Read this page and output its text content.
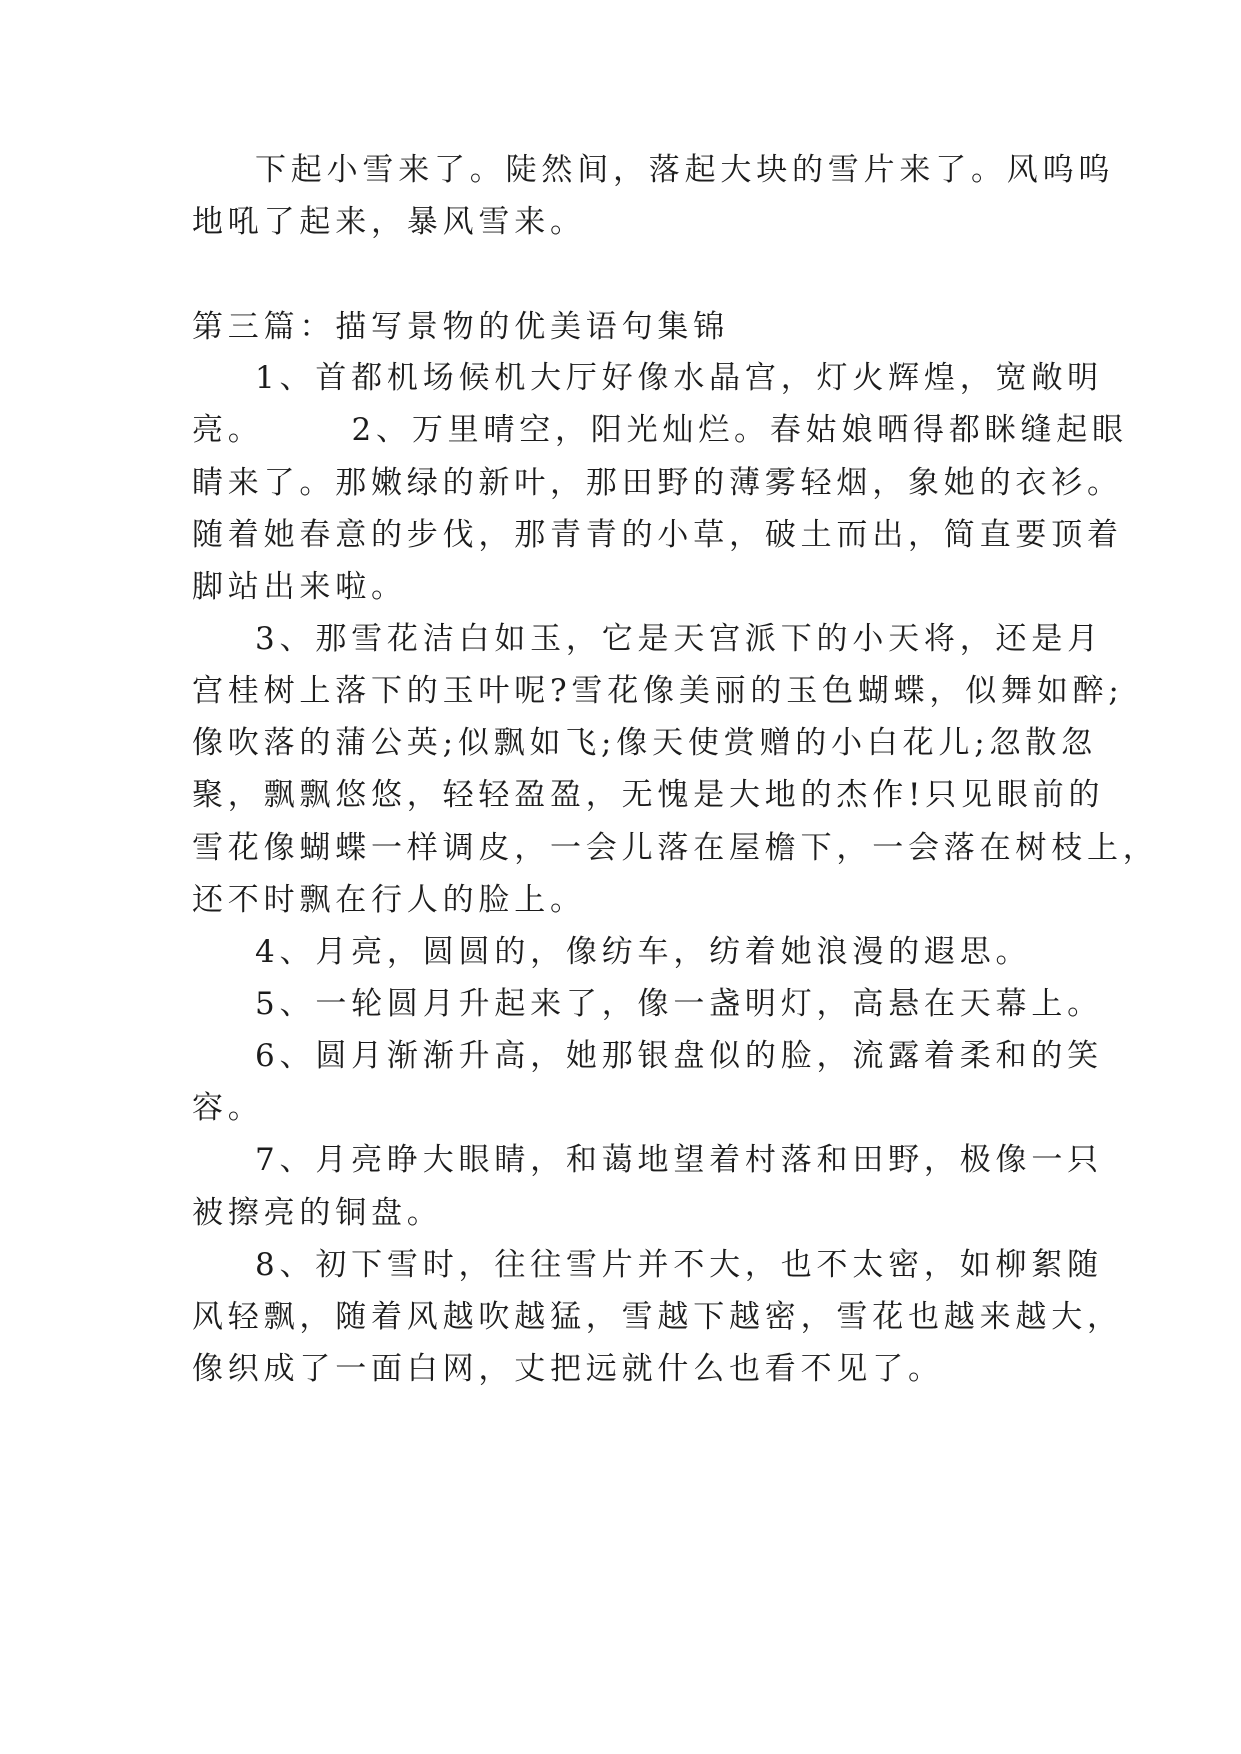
下起小雪来了。陡然间，落起大块的雪片来了。风呜呜
地吼了起来，暴风雪来。
第三篇：描写景物的优美语句集锦
1、首都机场候机大厅好像水晶宫，灯火辉煌，宽敞明
亮。      2、万里晴空，阳光灿烂。春姑娘晒得都眯缝起眼
睛来了。那嫩绿的新叶，那田野的薄雾轻烟，象她的衣衫。
随着她春意的步伐，那青青的小草，破土而出，简直要顶着
脚站出来啦。
3、那雪花洁白如玉，它是天宫派下的小天将，还是月
宫桂树上落下的玉叶呢?雪花像美丽的玉色蝴蝶，似舞如醉;
像吹落的蒲公英;似飘如飞;像天使赏赠的小白花儿;忽散忽
聚，飘飘悠悠，轻轻盈盈，无愧是大地的杰作!只见眼前的
雪花像蝴蝶一样调皮，一会儿落在屋檐下，一会落在树枝上，
还不时飘在行人的脸上。
4、月亮，圆圆的，像纺车，纺着她浪漫的遐思。
5、一轮圆月升起来了，像一盏明灯，高悬在天幕上。
6、圆月渐渐升高，她那银盘似的脸，流露着柔和的笑
容。
7、月亮睁大眼睛，和蔼地望着村落和田野，极像一只
被擦亮的铜盘。
8、初下雪时，往往雪片并不大，也不太密，如柳絮随
风轻飘，随着风越吹越猛，雪越下越密，雪花也越来越大，
像织成了一面白网，丈把远就什么也看不见了。
